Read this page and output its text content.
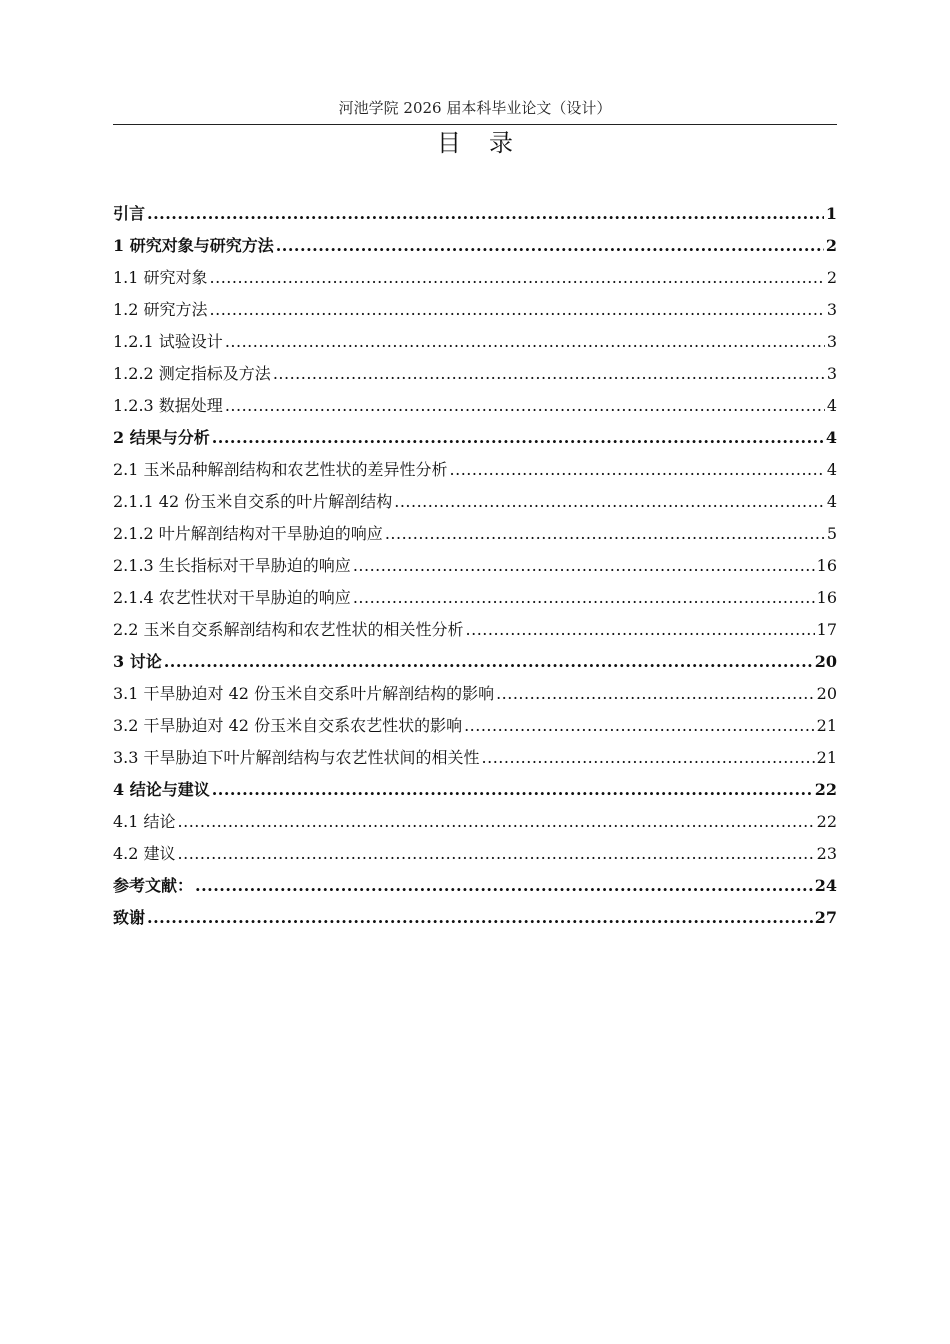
河池学院 2026 届本科毕业论文（设计）
目录
引言 .....	1
1 研究对象与研究方法 .....	2
1.1 研究对象 .....	2
1.2 研究方法 .....	3
1.2.1 试验设计 .....	3
1.2.2 测定指标及方法 .....	3
1.2.3 数据处理 .....	4
2 结果与分析 .....	4
2.1 玉米品种解剖结构和农艺性状的差异性分析 .....	4
2.1.1 42 份玉米自交系的叶片解剖结构 .....	4
2.1.2 叶片解剖结构对干旱胁迫的响应 .....	5
2.1.3 生长指标对干旱胁迫的响应 .....	16
2.1.4 农艺性状对干旱胁迫的响应 .....	16
2.2 玉米自交系解剖结构和农艺性状的相关性分析 .....	17
3 讨论 .....	20
3.1 干旱胁迫对 42 份玉米自交系叶片解剖结构的影响 .....	20
3.2 干旱胁迫对 42 份玉米自交系农艺性状的影响 .....	21
3.3 干旱胁迫下叶片解剖结构与农艺性状间的相关性 .....	21
4 结论与建议 .....	22
4.1 结论 .....	22
4.2 建议 .....	23
参考文献： .....	24
致谢 .....	27
